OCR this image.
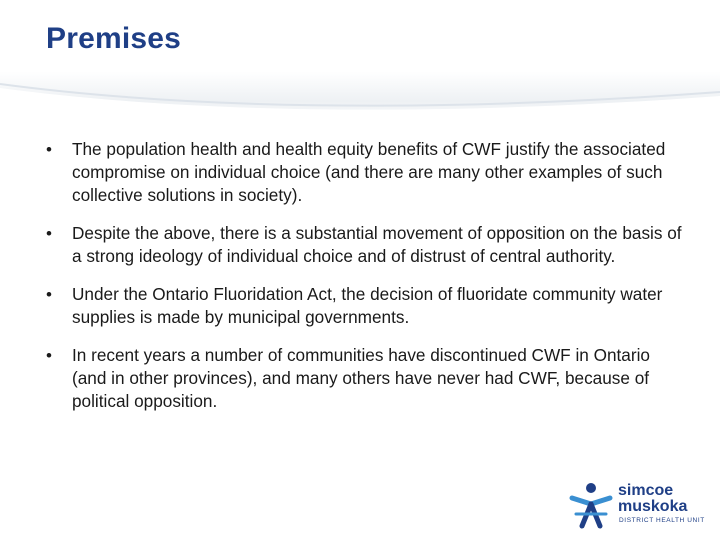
Premises
• The population health and health equity benefits of CWF justify the associated compromise on individual choice (and there are many other examples of such collective solutions in society).
• Despite the above, there is a substantial movement of opposition on the basis of a strong ideology of individual choice and of distrust of central authority.
• Under the Ontario Fluoridation Act, the decision of fluoridate community water supplies is made by municipal governments.
• In recent years a number of communities have discontinued CWF in Ontario (and in other provinces), and many others have never had CWF, because of political opposition.
simcoe
muskoka
DISTRICT HEALTH UNIT
